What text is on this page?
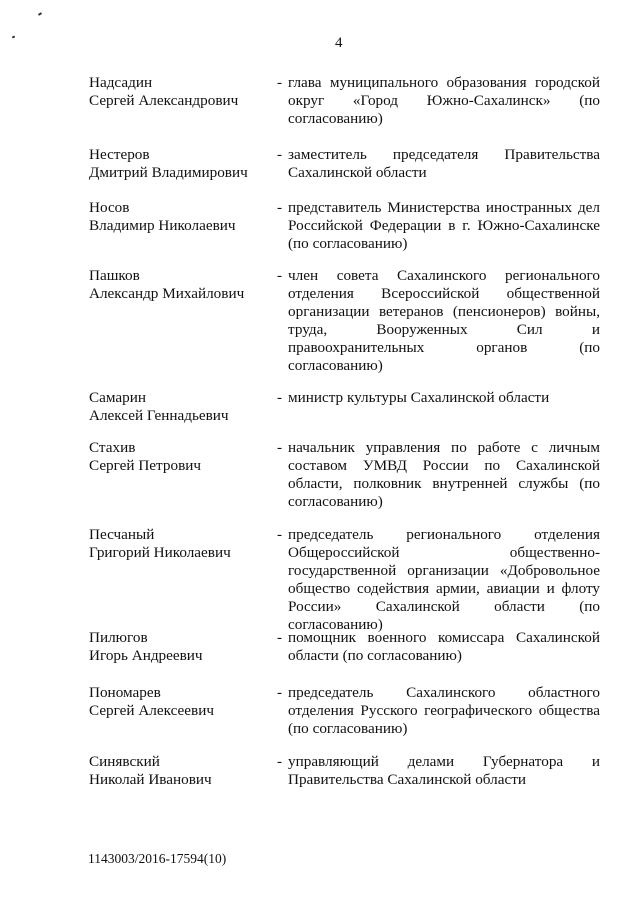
4
Надсадин
Сергей Александрович
- глава муниципального образования городской округ «Город Южно-Сахалинск» (по согласованию)
Нестеров
Дмитрий Владимирович
- заместитель председателя Правительства Сахалинской области
Носов
Владимир Николаевич
- представитель Министерства иностранных дел Российской Федерации в г. Южно-Сахалинске (по согласованию)
Пашков
Александр Михайлович
- член совета Сахалинского регионального отделения Всероссийской общественной организации ветеранов (пенсионеров) войны, труда, Вооруженных Сил и правоохранительных органов (по согласованию)
Самарин
Алексей Геннадьевич
- министр культуры Сахалинской области
Стахив
Сергей Петрович
- начальник управления по работе с личным составом УМВД России по Сахалинской области, полковник внутренней службы (по согласованию)
Песчаный
Григорий Николаевич
- председатель регионального отделения Общероссийской общественно-государственной организации «Добровольное общество содействия армии, авиации и флоту России» Сахалинской области (по согласованию)
Пилюгов
Игорь Андреевич
- помощник военного комиссара Сахалинской области (по согласованию)
Пономарев
Сергей Алексеевич
- председатель Сахалинского областного отделения Русского географического общества (по согласованию)
Синявский
Николай Иванович
- управляющий делами Губернатора и Правительства Сахалинской области
1143003/2016-17594(10)
